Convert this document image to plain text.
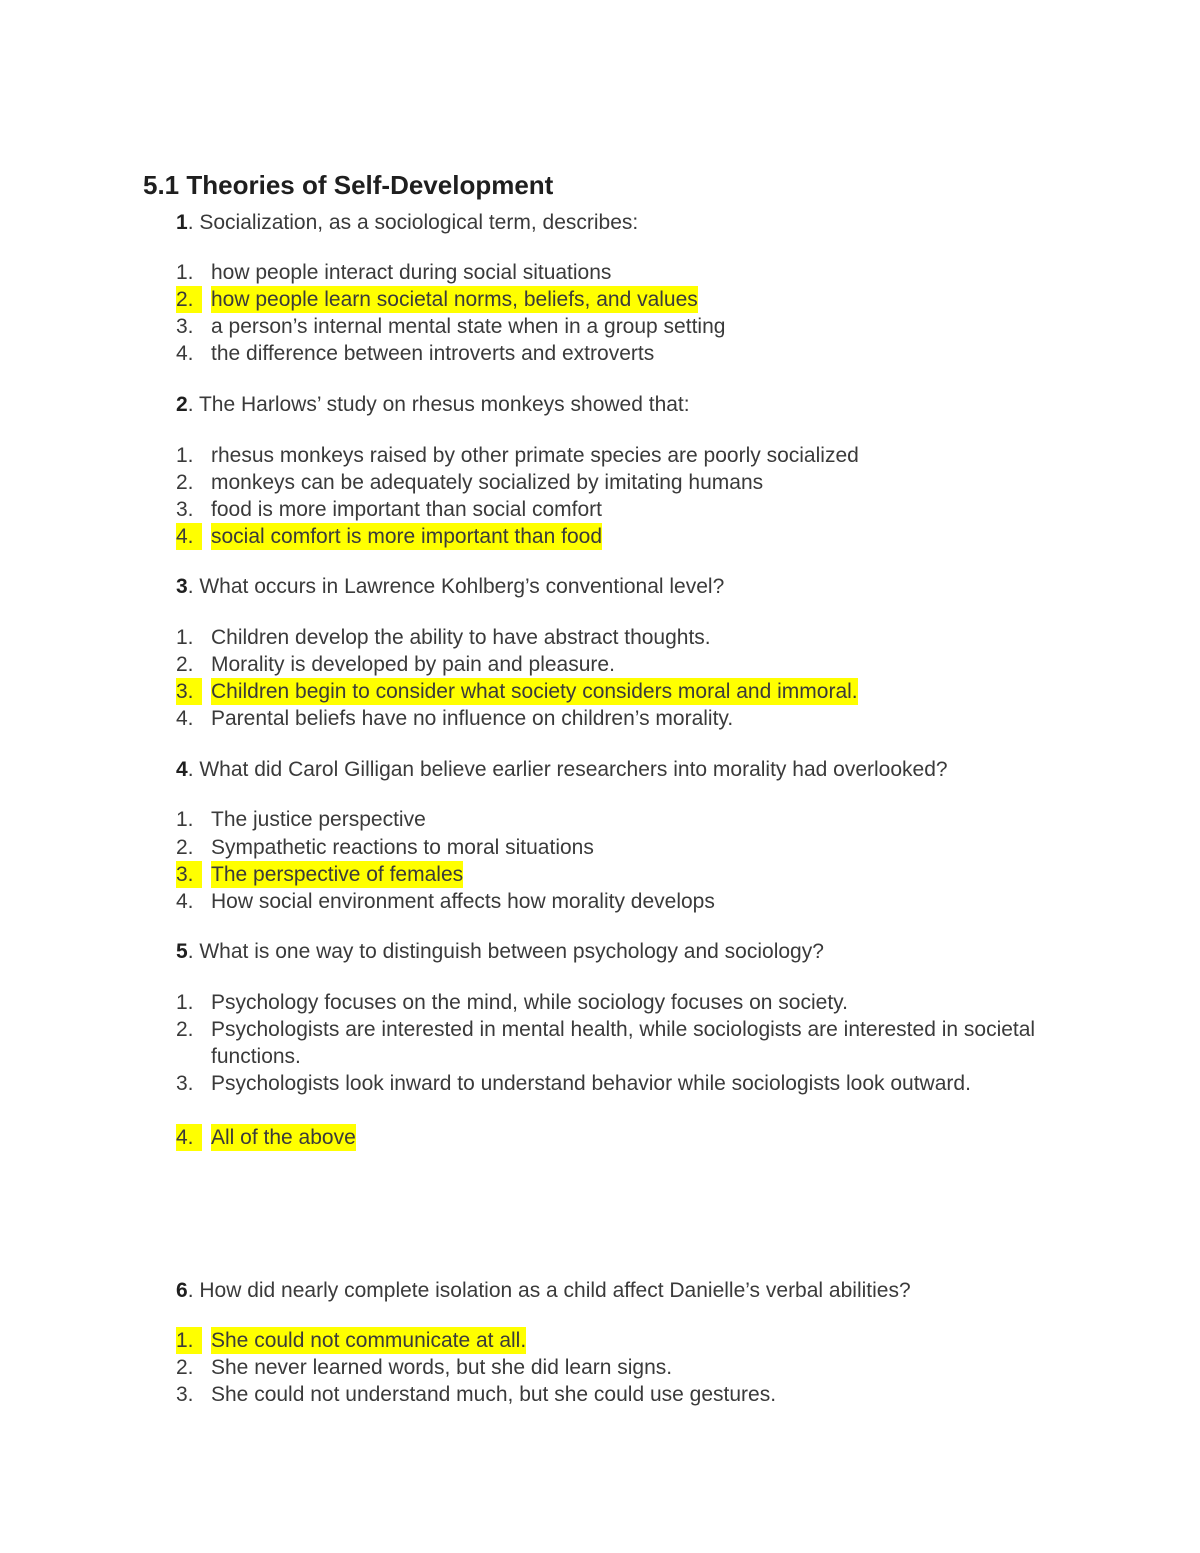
5.1 Theories of Self-Development
1. Socialization, as a sociological term, describes:
1. how people interact during social situations
2. how people learn societal norms, beliefs, and values
3. a person’s internal mental state when in a group setting
4. the difference between introverts and extroverts
2. The Harlows’ study on rhesus monkeys showed that:
1. rhesus monkeys raised by other primate species are poorly socialized
2. monkeys can be adequately socialized by imitating humans
3. food is more important than social comfort
4. social comfort is more important than food
3. What occurs in Lawrence Kohlberg’s conventional level?
1. Children develop the ability to have abstract thoughts.
2. Morality is developed by pain and pleasure.
3. Children begin to consider what society considers moral and immoral.
4. Parental beliefs have no influence on children’s morality.
4. What did Carol Gilligan believe earlier researchers into morality had overlooked?
1. The justice perspective
2. Sympathetic reactions to moral situations
3. The perspective of females
4. How social environment affects how morality develops
5. What is one way to distinguish between psychology and sociology?
1. Psychology focuses on the mind, while sociology focuses on society.
2. Psychologists are interested in mental health, while sociologists are interested in societal functions.
3. Psychologists look inward to understand behavior while sociologists look outward.
4. All of the above
6. How did nearly complete isolation as a child affect Danielle’s verbal abilities?
1. She could not communicate at all.
2. She never learned words, but she did learn signs.
3. She could not understand much, but she could use gestures.
